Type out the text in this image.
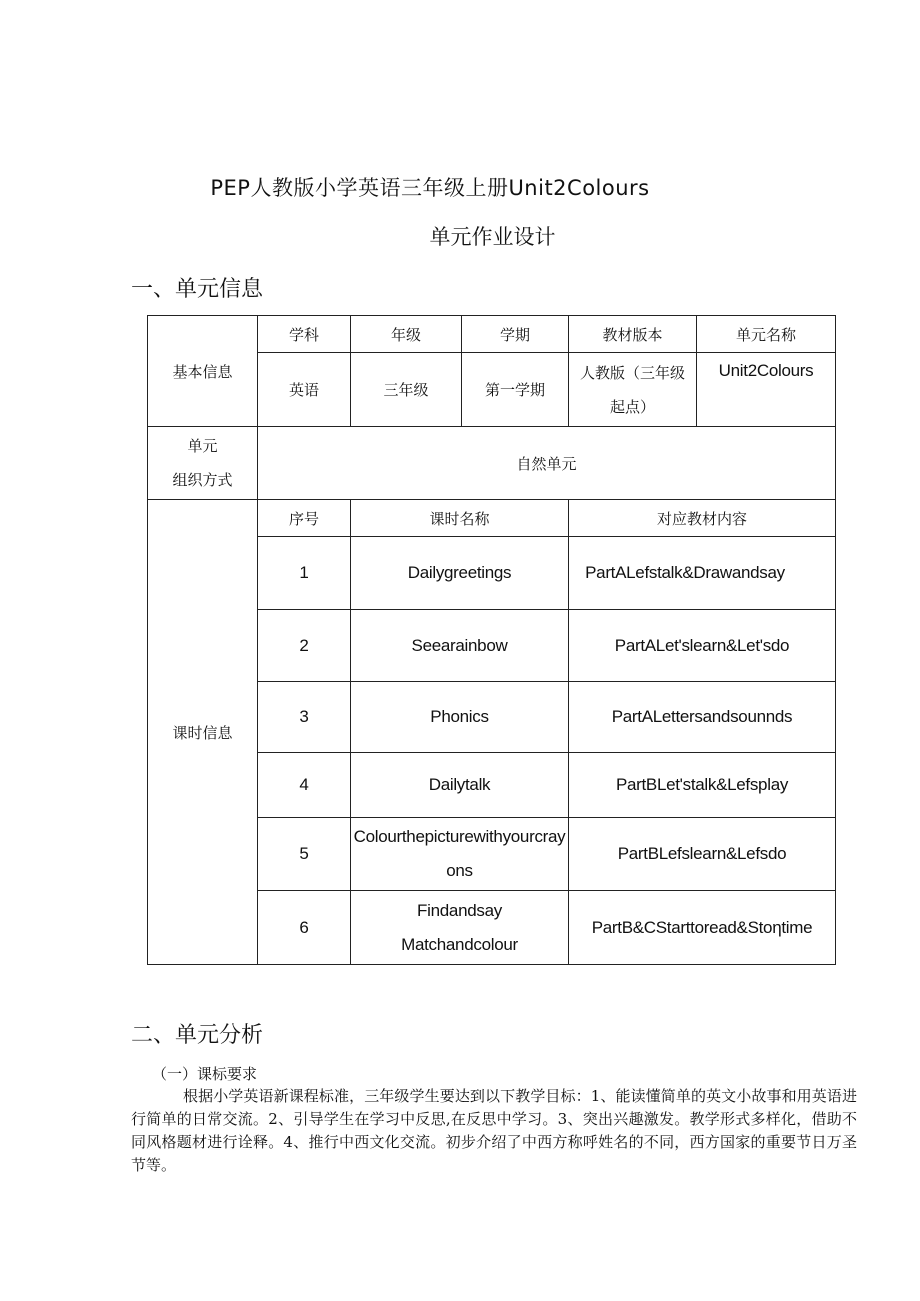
PEP人教版小学英语三年级上册Unit2Colours
单元作业设计
一、单元信息
基本信息	学科	年级	学期	教材版本	单元名称
	英语	三年级	第一学期	人教版（三年级起点）	Unit2Colours
单元
组织方式	自然单元				
课时信息	序号	课时名称		对应教材内容	
	1	Dailygreetings		PartALefstalk&Drawandsay	
	2	Seearainbow		PartALet'slearn&Let'sdo	
	3	Phonics		PartALettersandsounnds	
	4	Dailytalk		PartBLet'stalk&Lefsplay	
	5	Colourthepicturewithyourcrayons		PartBLefslearn&Lefsdo	
	6	Findandsay Matchandcolour		PartB&CStarttoread&Stoηtime	
二、单元分析
（一）课标要求
根据小学英语新课程标准，三年级学生要达到以下教学目标：1、能读懂简单的英文小故事和用英语进行简单的日常交流。2、引导学生在学习中反思,在反思中学习。3、突出兴趣激发。教学形式多样化，借助不同风格题材进行诠释。4、推行中西文化交流。初步介绍了中西方称呼姓名的不同，西方国家的重要节日万圣节等。
